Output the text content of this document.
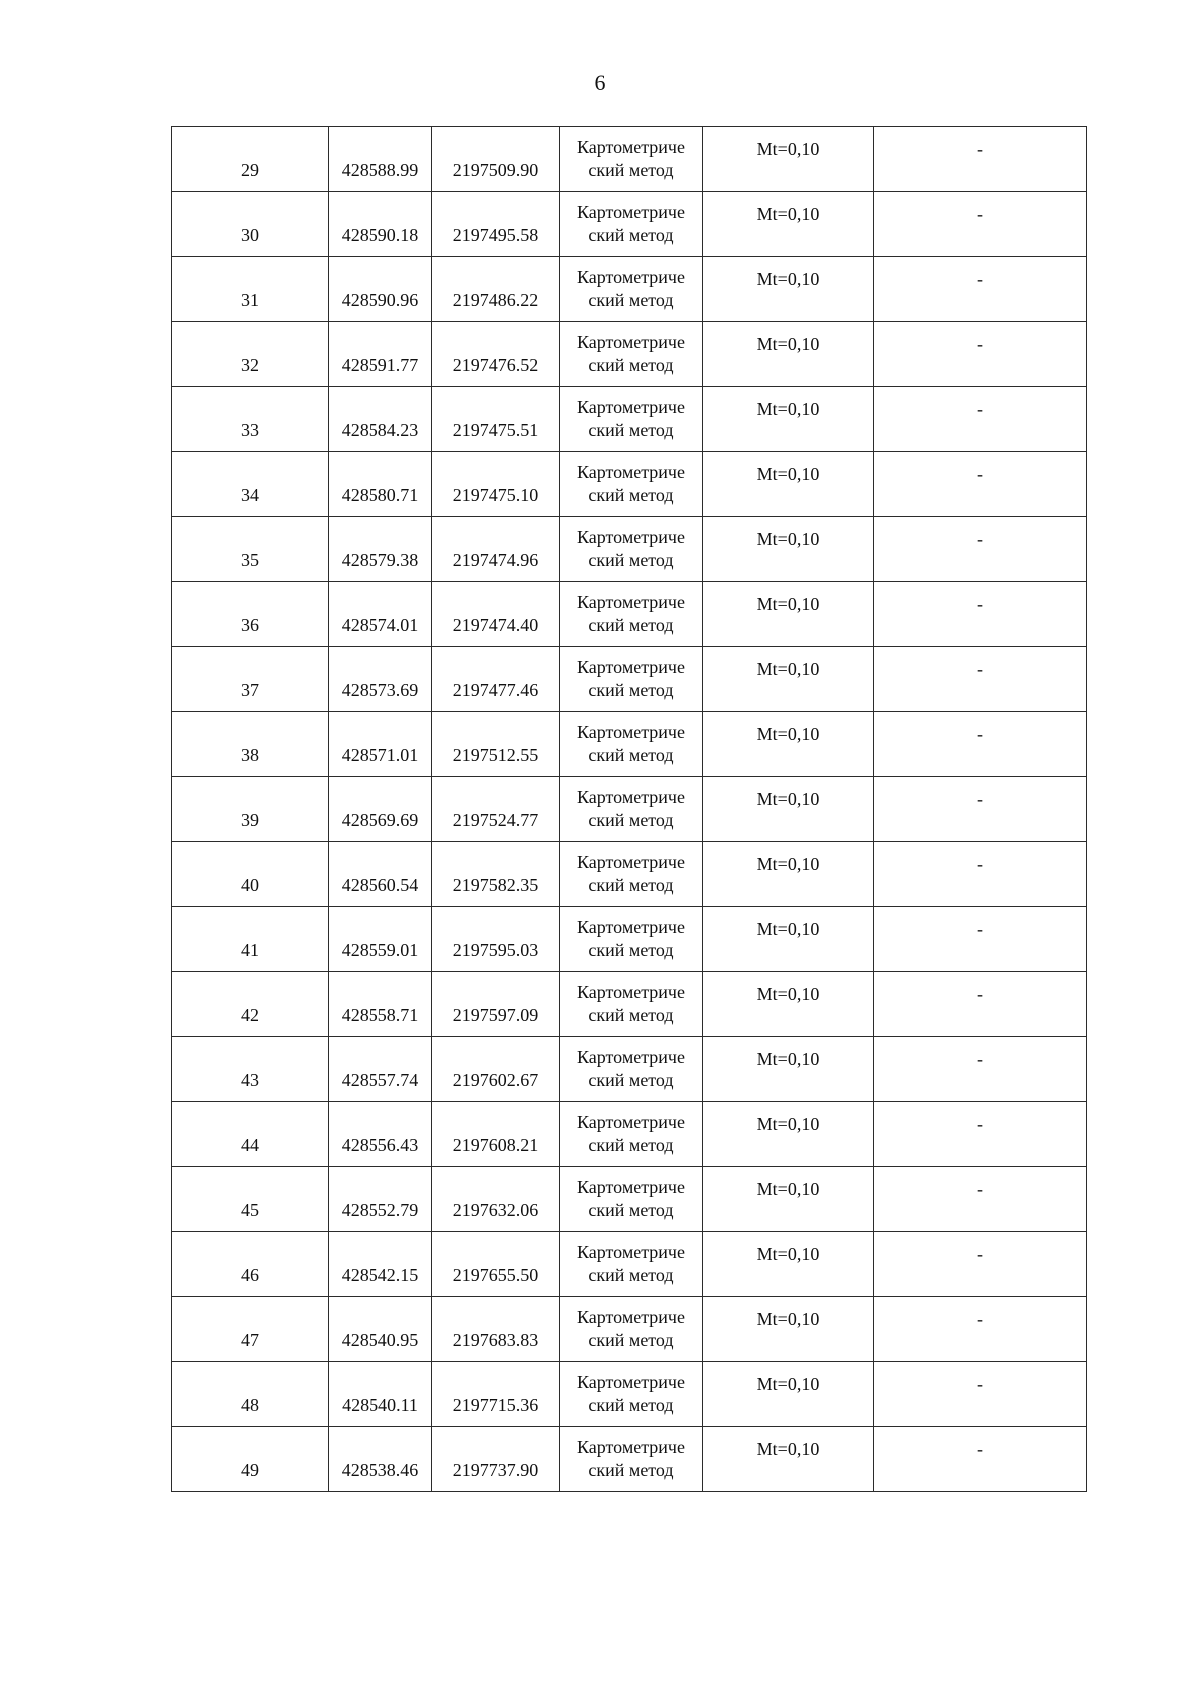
6
29	428588.99	2197509.90	Картометриче
ский метод	Mt=0,10	-
30	428590.18	2197495.58	Картометриче
ский метод	Mt=0,10	-
31	428590.96	2197486.22	Картометриче
ский метод	Mt=0,10	-
32	428591.77	2197476.52	Картометриче
ский метод	Mt=0,10	-
33	428584.23	2197475.51	Картометриче
ский метод	Mt=0,10	-
34	428580.71	2197475.10	Картометриче
ский метод	Mt=0,10	-
35	428579.38	2197474.96	Картометриче
ский метод	Mt=0,10	-
36	428574.01	2197474.40	Картометриче
ский метод	Mt=0,10	-
37	428573.69	2197477.46	Картометриче
ский метод	Mt=0,10	-
38	428571.01	2197512.55	Картометриче
ский метод	Mt=0,10	-
39	428569.69	2197524.77	Картометриче
ский метод	Mt=0,10	-
40	428560.54	2197582.35	Картометриче
ский метод	Mt=0,10	-
41	428559.01	2197595.03	Картометриче
ский метод	Mt=0,10	-
42	428558.71	2197597.09	Картометриче
ский метод	Mt=0,10	-
43	428557.74	2197602.67	Картометриче
ский метод	Mt=0,10	-
44	428556.43	2197608.21	Картометриче
ский метод	Mt=0,10	-
45	428552.79	2197632.06	Картометриче
ский метод	Mt=0,10	-
46	428542.15	2197655.50	Картометриче
ский метод	Mt=0,10	-
47	428540.95	2197683.83	Картометриче
ский метод	Mt=0,10	-
48	428540.11	2197715.36	Картометриче
ский метод	Mt=0,10	-
49	428538.46	2197737.90	Картометриче
ский метод	Mt=0,10	-
